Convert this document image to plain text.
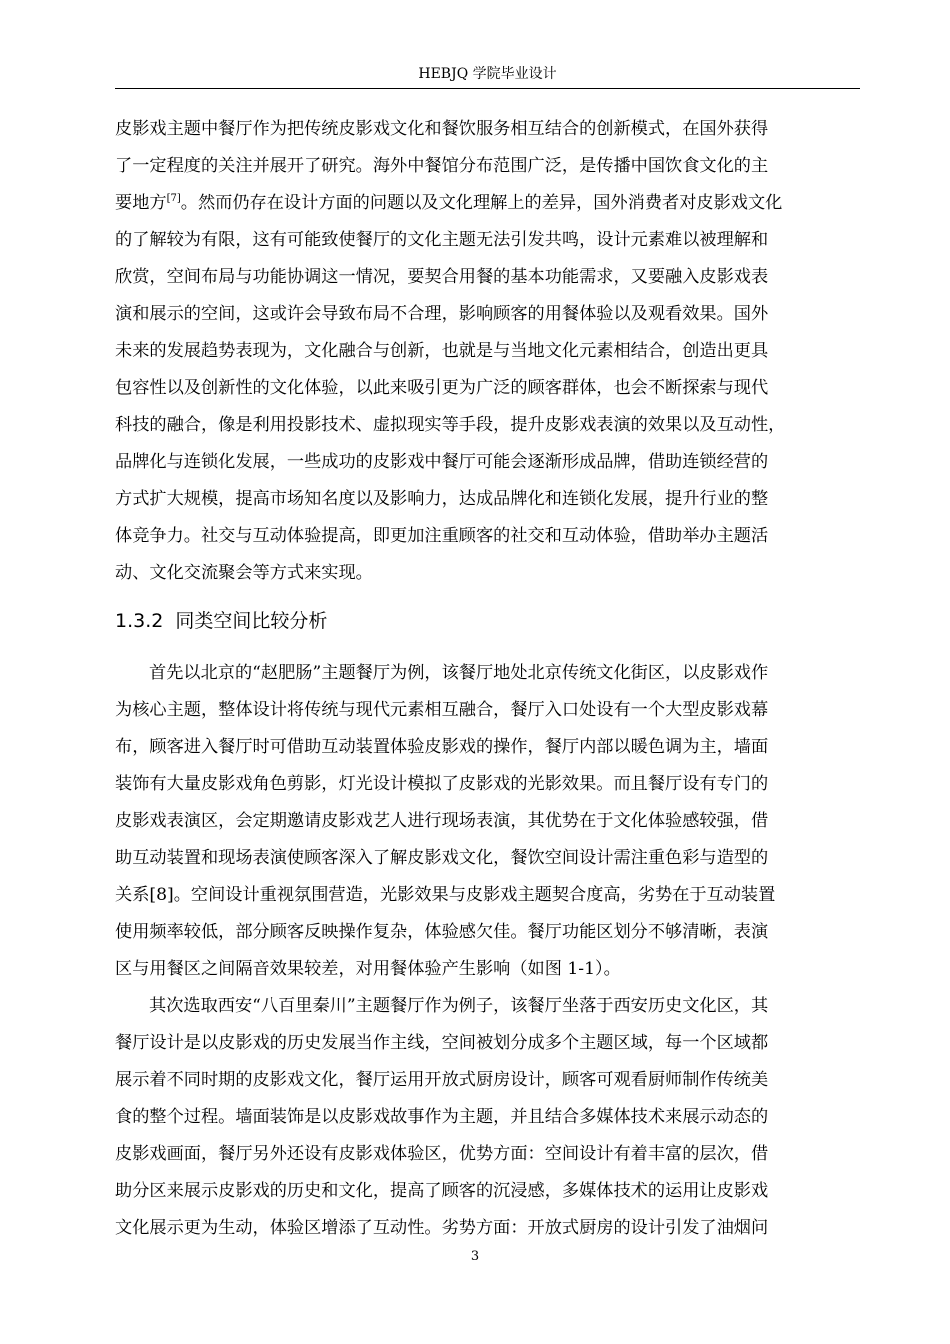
HEBJQ 学院毕业设计
皮影戏主题中餐厅作为把传统皮影戏文化和餐饮服务相互结合的创新模式，在国外获得
了一定程度的关注并展开了研究。海外中餐馆分布范围广泛，是传播中国饮食文化的主
要地方[7]。然而仍存在设计方面的问题以及文化理解上的差异，国外消费者对皮影戏文化
的了解较为有限，这有可能致使餐厅的文化主题无法引发共鸣，设计元素难以被理解和
欣赏，空间布局与功能协调这一情况，要契合用餐的基本功能需求，又要融入皮影戏表
演和展示的空间，这或许会导致布局不合理，影响顾客的用餐体验以及观看效果。国外
未来的发展趋势表现为，文化融合与创新，也就是与当地文化元素相结合，创造出更具
包容性以及创新性的文化体验，以此来吸引更为广泛的顾客群体，也会不断探索与现代
科技的融合，像是利用投影技术、虚拟现实等手段，提升皮影戏表演的效果以及互动性，
品牌化与连锁化发展，一些成功的皮影戏中餐厅可能会逐渐形成品牌，借助连锁经营的
方式扩大规模，提高市场知名度以及影响力，达成品牌化和连锁化发展，提升行业的整
体竞争力。社交与互动体验提高，即更加注重顾客的社交和互动体验，借助举办主题活
动、文化交流聚会等方式来实现。
1.3.2 同类空间比较分析
首先以北京的“赵肥肠”主题餐厅为例，该餐厅地处北京传统文化街区，以皮影戏作
为核心主题，整体设计将传统与现代元素相互融合，餐厅入口处设有一个大型皮影戏幕
布，顾客进入餐厅时可借助互动装置体验皮影戏的操作，餐厅内部以暖色调为主，墙面
装饰有大量皮影戏角色剪影，灯光设计模拟了皮影戏的光影效果。而且餐厅设有专门的
皮影戏表演区，会定期邀请皮影戏艺人进行现场表演，其优势在于文化体验感较强，借
助互动装置和现场表演使顾客深入了解皮影戏文化，餐饮空间设计需注重色彩与造型的
关系[8]。空间设计重视氛围营造，光影效果与皮影戏主题契合度高，劣势在于互动装置
使用频率较低，部分顾客反映操作复杂，体验感欠佳。餐厅功能区划分不够清晰，表演
区与用餐区之间隔音效果较差，对用餐体验产生影响（如图 1-1）。
其次选取西安“八百里秦川”主题餐厅作为例子，该餐厅坐落于西安历史文化区，其
餐厅设计是以皮影戏的历史发展当作主线，空间被划分成多个主题区域，每一个区域都
展示着不同时期的皮影戏文化，餐厅运用开放式厨房设计，顾客可观看厨师制作传统美
食的整个过程。墙面装饰是以皮影戏故事作为主题，并且结合多媒体技术来展示动态的
皮影戏画面，餐厅另外还设有皮影戏体验区，优势方面：空间设计有着丰富的层次，借
助分区来展示皮影戏的历史和文化，提高了顾客的沉浸感，多媒体技术的运用让皮影戏
文化展示更为生动，体验区增添了互动性。劣势方面：开放式厨房的设计引发了油烟问
3
